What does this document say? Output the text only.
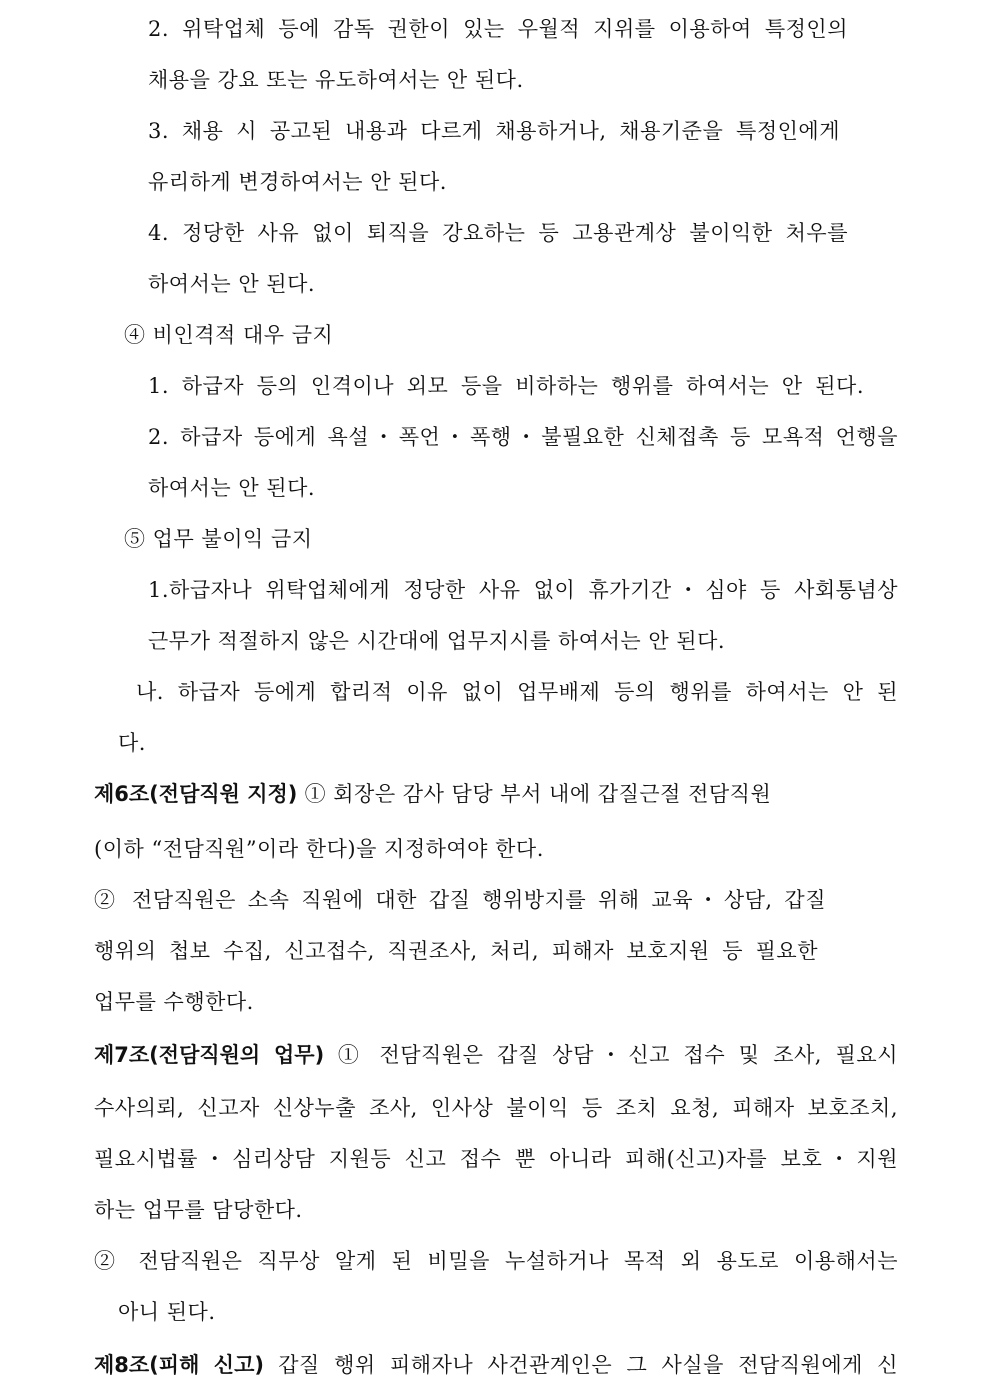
2. 위탁업체 등에 감독 권한이 있는 우월적 지위를 이용하여 특정인의
채용을 강요 또는 유도하여서는 안 된다.
3. 채용 시 공고된 내용과 다르게 채용하거나, 채용기준을 특정인에게
유리하게 변경하여서는 안 된다.
4. 정당한 사유 없이 퇴직을 강요하는 등 고용관계상 불이익한 처우를
하여서는 안 된다.
④ 비인격적 대우 금지
1. 하급자 등의 인격이나 외모 등을 비하하는 행위를 하여서는 안 된다.
2. 하급자 등에게 욕설・폭언・폭행・불필요한 신체접촉 등 모욕적 언행을
하여서는 안 된다.
⑤ 업무 불이익 금지
1.하급자나 위탁업체에게 정당한 사유 없이 휴가기간・심야 등 사회통념상
근무가 적절하지 않은 시간대에 업무지시를 하여서는 안 된다.
나. 하급자 등에게 합리적 이유 없이 업무배제 등의 행위를 하여서는 안 된
다.
제6조(전담직원 지정) ① 회장은 감사 담당 부서 내에 갑질근절 전담직원
(이하 “전담직원”이라 한다)을 지정하여야 한다.
② 전담직원은 소속 직원에 대한 갑질 행위방지를 위해 교육・상담, 갑질
행위의 첩보 수집, 신고접수, 직권조사, 처리, 피해자 보호지원 등 필요한
업무를 수행한다.
제7조(전담직원의 업무) ① 전담직원은 갑질 상담・신고 접수 및 조사, 필요시
수사의뢰, 신고자 신상누출 조사, 인사상 불이익 등 조치 요청, 피해자 보호조치,
필요시법률・심리상담 지원등 신고 접수 뿐 아니라 피해(신고)자를 보호・지원
하는 업무를 담당한다.
② 전담직원은 직무상 알게 된 비밀을 누설하거나 목적 외 용도로 이용해서는
아니 된다.
제8조(피해 신고) 갑질 행위 피해자나 사건관계인은 그 사실을 전담직원에게 신
